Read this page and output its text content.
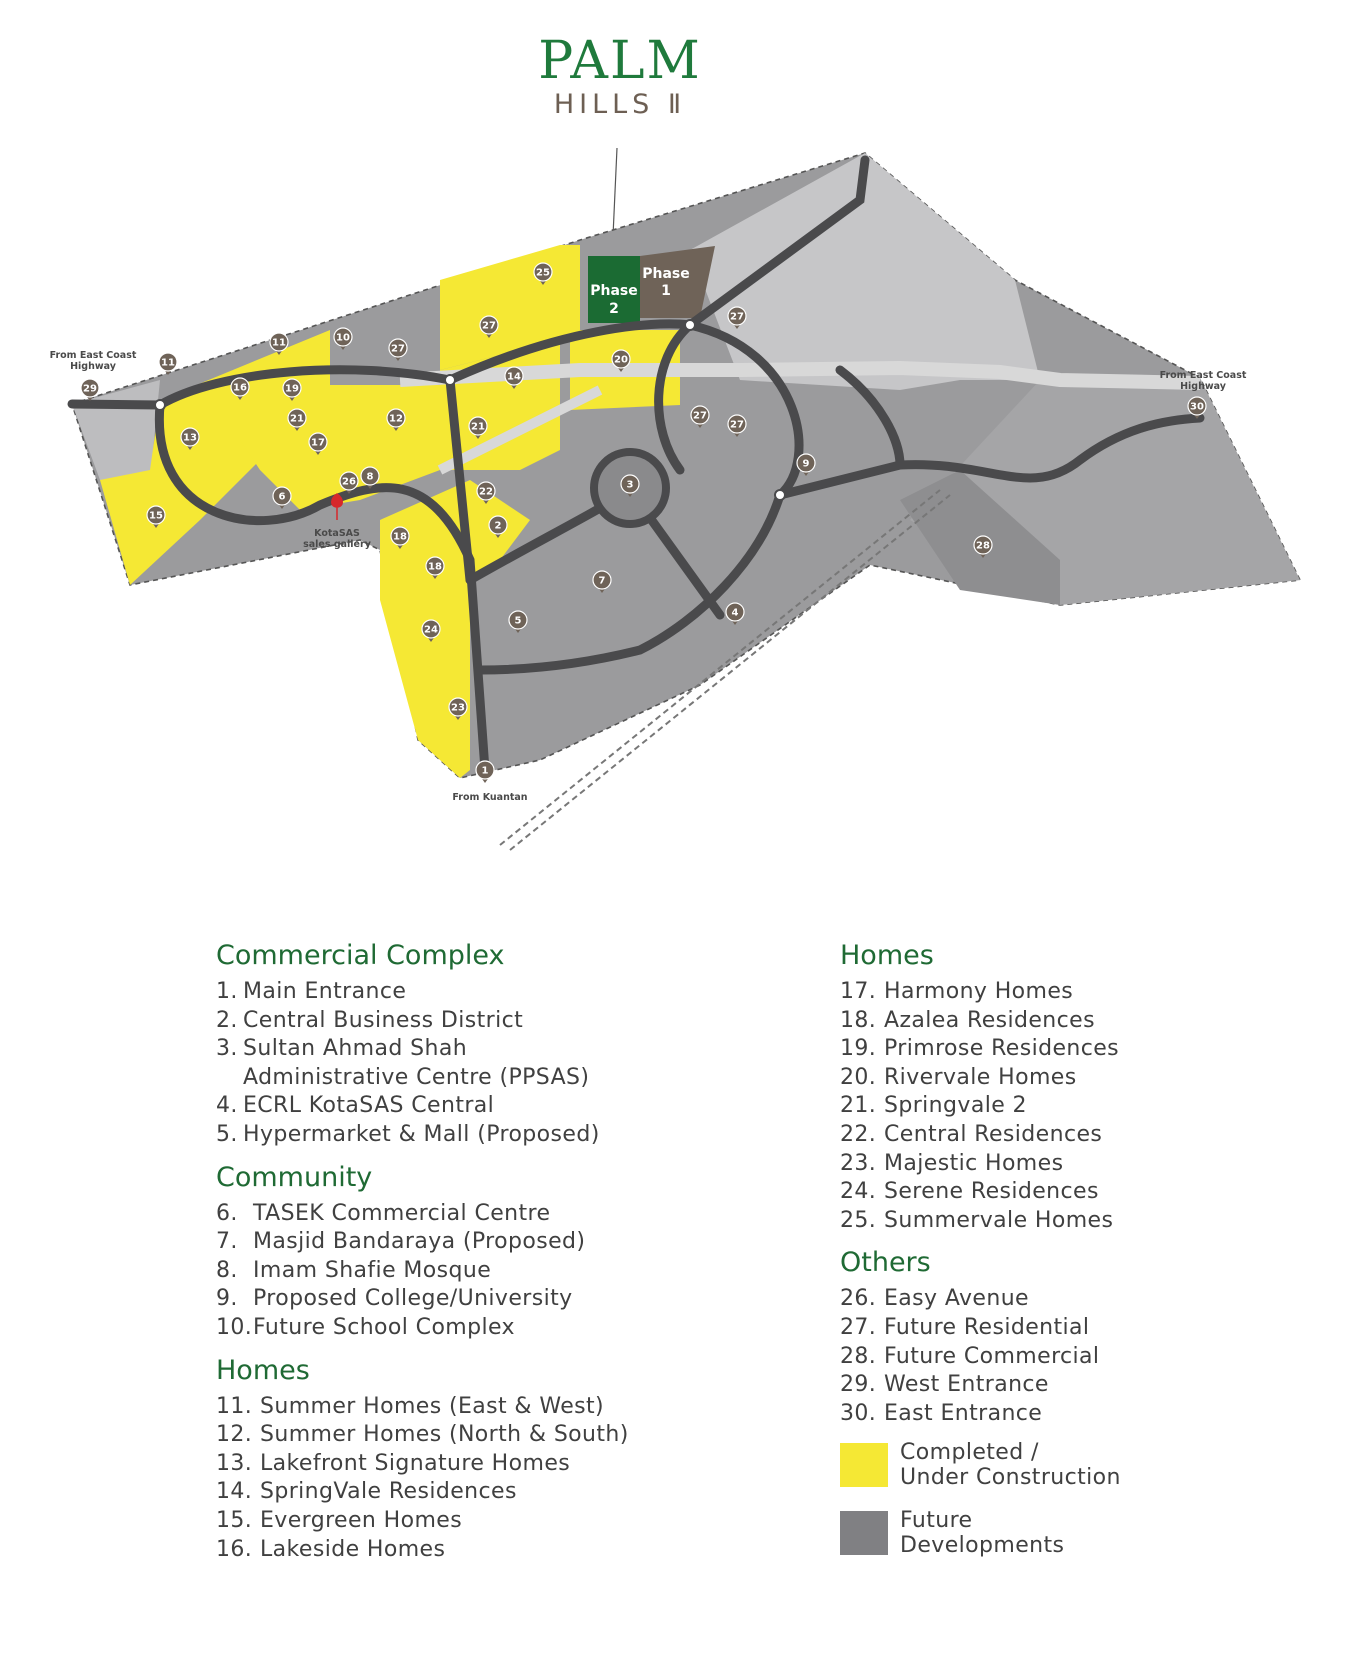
PALM
HILLS Ⅱ
Phase
2
Phase
1
1
2
3
4
5
6
7
8
9
10
11
11
12
13
14
15
16
17
18
18
19
20
21
21
22
23
24
25
26
27
27
27
27
27
28
29
30
From East Coast
Highway
From East Coast
Highway
From Kuantan
KotaSAS
sales gallery
Commercial Complex
1. Main Entrance
2. Central Business District
3. Sultan Ahmad Shah
Administrative Centre (PPSAS)
4. ECRL KotaSAS Central
5. Hypermarket & Mall (Proposed)
Community
6. TASEK Commercial Centre
7. Masjid Bandaraya (Proposed)
8. Imam Shafie Mosque
9. Proposed College/University
10. Future School Complex
Homes
11. Summer Homes (East & West)
12. Summer Homes (North & South)
13. Lakefront Signature Homes
14. SpringVale Residences
15. Evergreen Homes
16. Lakeside Homes
Homes
17. Harmony Homes
18. Azalea Residences
19. Primrose Residences
20. Rivervale Homes
21. Springvale 2
22. Central Residences
23. Majestic Homes
24. Serene Residences
25. Summervale Homes
Others
26. Easy Avenue
27. Future Residential
28. Future Commercial
29. West Entrance
30. East Entrance
Completed /
Under Construction
Future
Developments
